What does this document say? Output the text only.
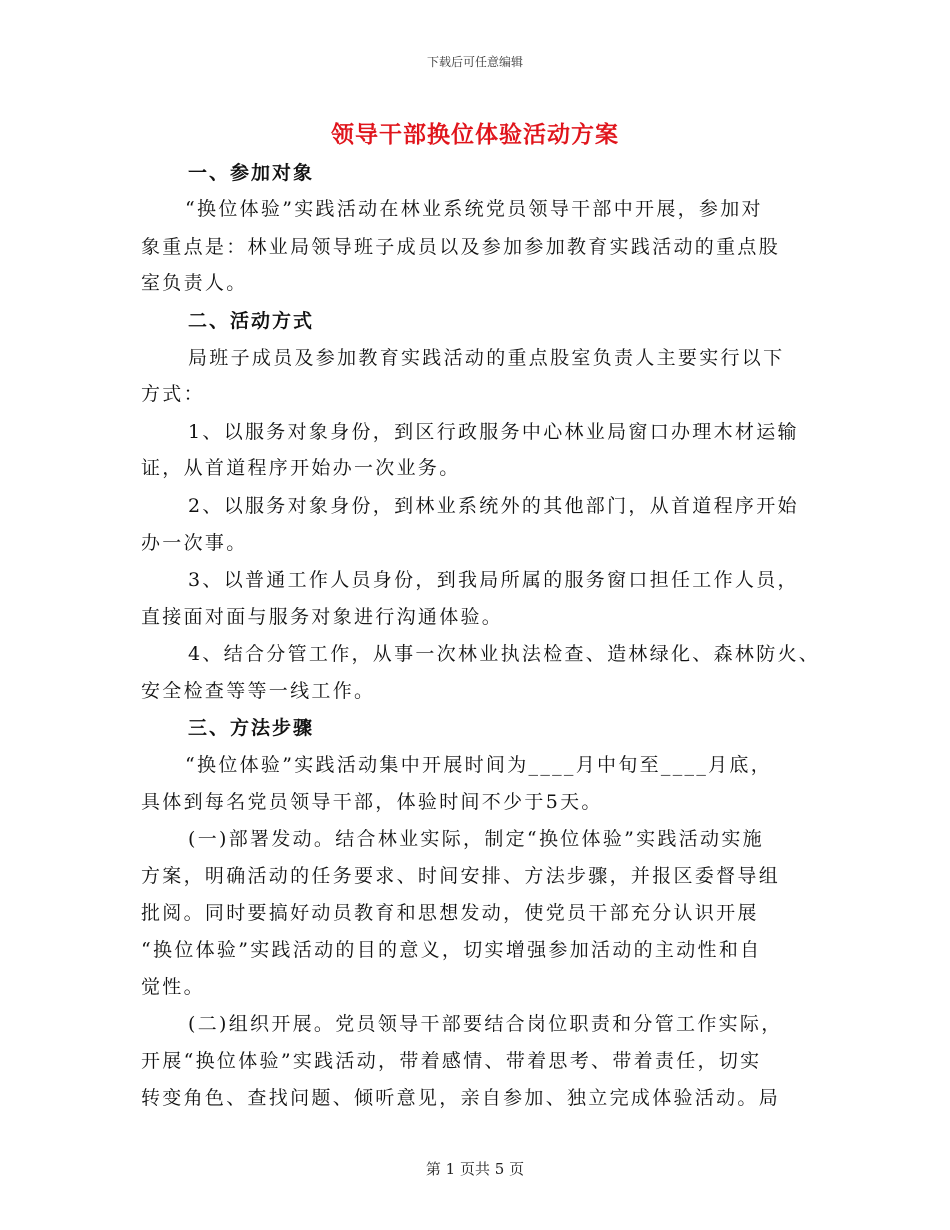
下载后可任意编辑
领导干部换位体验活动方案
一、参加对象
“换位体验”实践活动在林业系统党员领导干部中开展，参加对
象重点是：林业局领导班子成员以及参加参加教育实践活动的重点股
室负责人。
二、活动方式
局班子成员及参加教育实践活动的重点股室负责人主要实行以下
方式：
1、以服务对象身份，到区行政服务中心林业局窗口办理木材运输
证，从首道程序开始办一次业务。
2、以服务对象身份，到林业系统外的其他部门，从首道程序开始
办一次事。
3、以普通工作人员身份，到我局所属的服务窗口担任工作人员，
直接面对面与服务对象进行沟通体验。
4、结合分管工作，从事一次林业执法检查、造林绿化、森林防火、
安全检查等等一线工作。
三、方法步骤
“换位体验”实践活动集中开展时间为____月中旬至____月底，
具体到每名党员领导干部，体验时间不少于5天。
(一)部署发动。结合林业实际，制定“换位体验”实践活动实施
方案，明确活动的任务要求、时间安排、方法步骤，并报区委督导组
批阅。同时要搞好动员教育和思想发动，使党员干部充分认识开展
“换位体验”实践活动的目的意义，切实增强参加活动的主动性和自
觉性。
(二)组织开展。党员领导干部要结合岗位职责和分管工作实际，
开展“换位体验”实践活动，带着感情、带着思考、带着责任，切实
转变角色、查找问题、倾听意见，亲自参加、独立完成体验活动。局
第 1 页共 5 页
